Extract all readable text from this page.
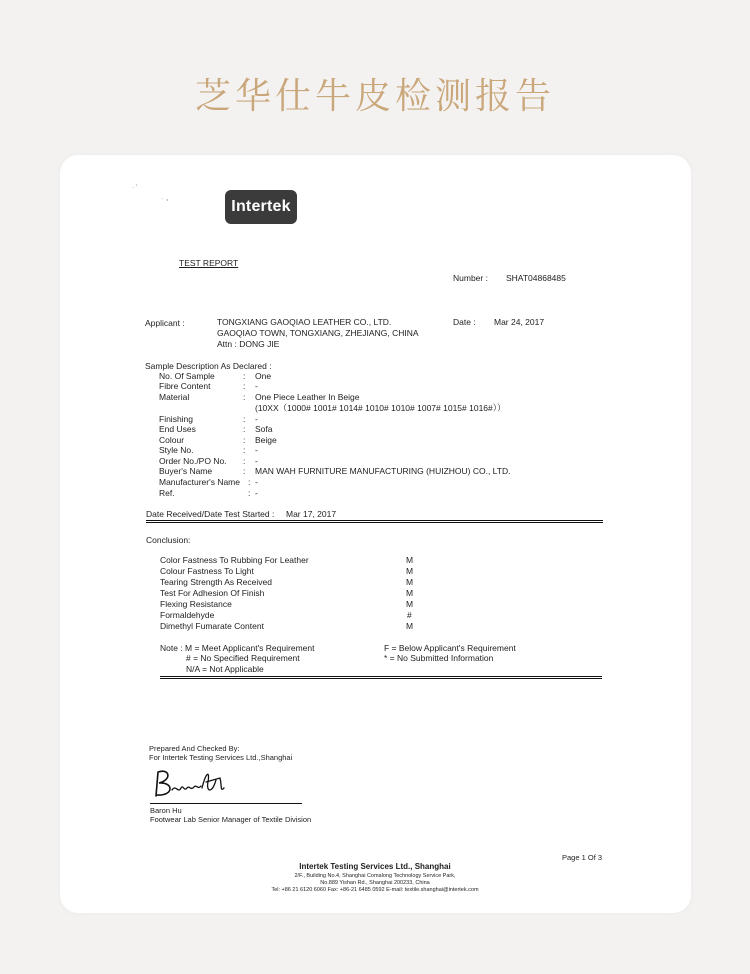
芝华仕牛皮检测报告
· ′
˙ ⁺	Intertek
TEST REPORT
Number : SHAT04868485
Applicant :	TONGXIANG GAOQIAO LEATHER CO., LTD.
GAOQIAO TOWN, TONGXIANG, ZHEJIANG, CHINA
Attn : DONG JIE
Date : Mar 24, 2017
Sample Description As Declared :
No. Of Sample	: One
Fibre Content	: -
Material	: One Piece Leather In Beige
(10XX（1000# 1001# 1014# 1010# 1010# 1007# 1015# 1016#））
Finishing	: -
End Uses	: Sofa
Colour	: Beige
Style No.	: -
Order No./PO No. : -
Buyer's Name	: MAN WAH FURNITURE MANUFACTURING (HUIZHOU) CO., LTD.
Manufacturer's Name : -
Ref.	: -
Date Received/Date Test Started : Mar 17, 2017
Conclusion:
Color Fastness To Rubbing For Leather	M
Colour Fastness To Light	M
Tearing Strength As Received	M
Test For Adhesion Of Finish	M
Flexing Resistance	M
Formaldehyde	#
Dimethyl Fumarate Content	M
Note : M = Meet Applicant's Requirement
# = No Specified Requirement
N/A = Not Applicable
F = Below Applicant's Requirement
* = No Submitted Information
Prepared And Checked By:
For Intertek Testing Services Ltd.,Shanghai
Baron Hu
Footwear Lab Senior Manager of Textile Division
Page 1 Of 3
Intertek Testing Services Ltd., Shanghai
2/F., Building No.4, Shanghai Comalong Technology Service Park,
No.889 Yishan Rd., Shanghai 200233, China
Tel: +86 21 6120 6060 Fax: +86-21 6485 0592 E-mail: textile.shanghai@intertek.com
